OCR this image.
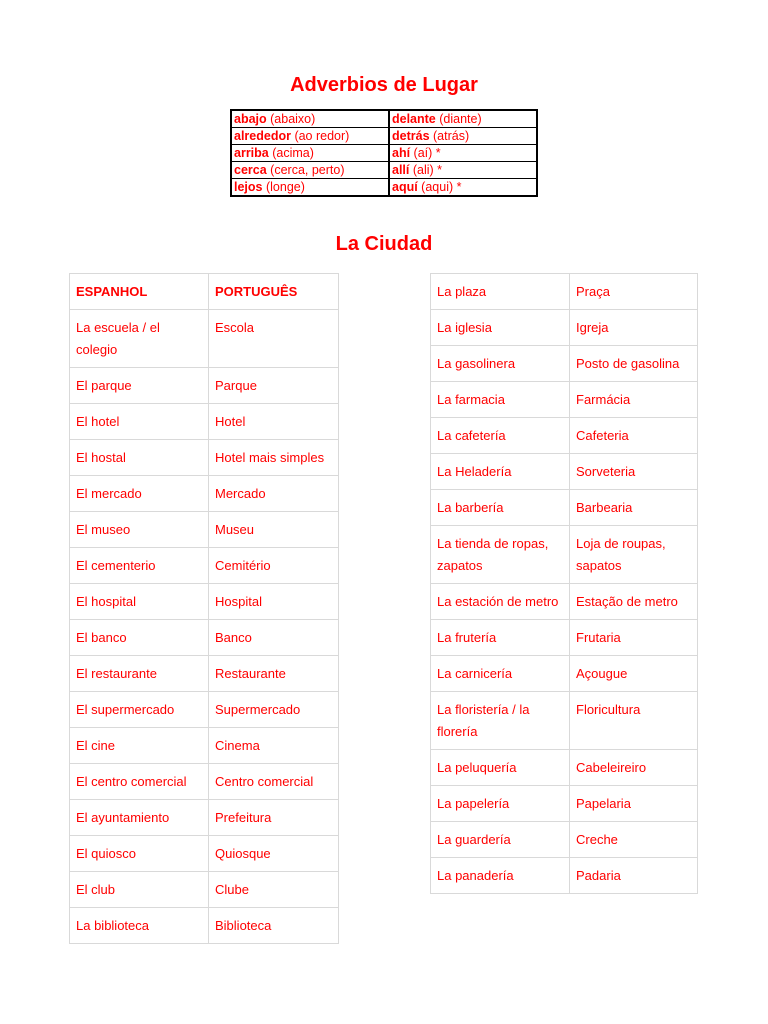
Adverbios de Lugar
abajo (abaixo)	delante (diante)
alrededor (ao redor)	detrás (atrás)
arriba (acima)	ahí (aí) *
cerca (cerca, perto)	allí (ali) *
lejos (longe)	aquí (aqui) *
La Ciudad
ESPANHOL	PORTUGUÊS
La escuela / el colegio	Escola
El parque	Parque
El hotel	Hotel
El hostal	Hotel mais simples
El mercado	Mercado
El museo	Museu
El cementerio	Cemitério
El hospital	Hospital
El banco	Banco
El restaurante	Restaurante
El supermercado	Supermercado
El cine	Cinema
El centro comercial	Centro comercial
El ayuntamiento	Prefeitura
El quiosco	Quiosque
El club	Clube
La biblioteca	Biblioteca
La plaza	Praça
La iglesia	Igreja
La gasolinera	Posto de gasolina
La farmacia	Farmácia
La cafetería	Cafeteria
La Heladería	Sorveteria
La barbería	Barbearia
La tienda de ropas, zapatos	Loja de roupas, sapatos
La estación de metro	Estação de metro
La frutería	Frutaria
La carnicería	Açougue
La floristería / la florería	Floricultura
La peluquería	Cabeleireiro
La papelería	Papelaria
La guardería	Creche
La panadería	Padaria
